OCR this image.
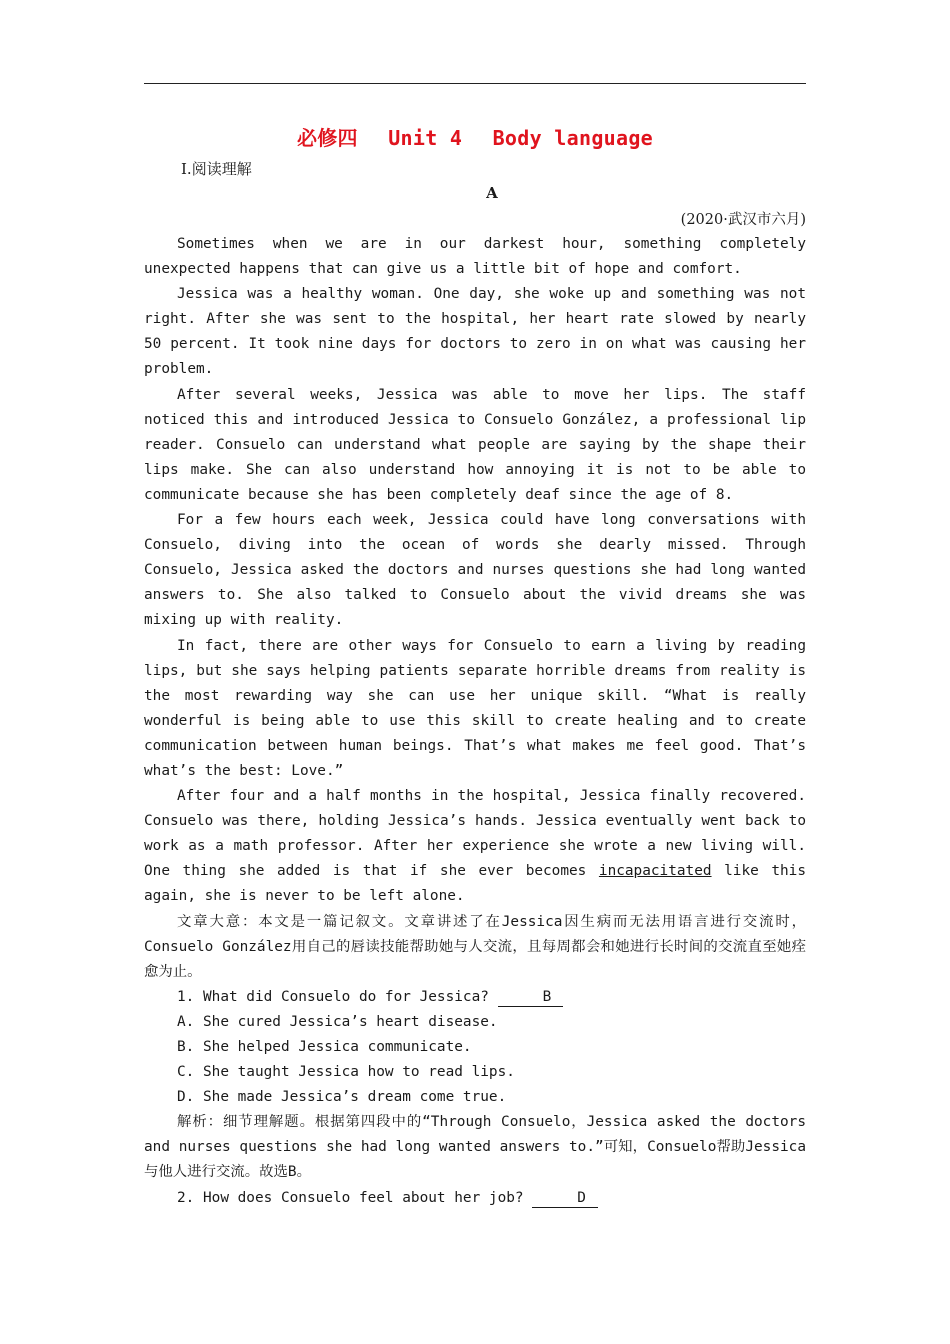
必修四 Unit 4 Body language
Ⅰ.阅读理解
A
(2020·武汉市六月)

Sometimes when we are in our darkest hour, something completely unexpected happens that can give us a little bit of hope and comfort.

Jessica was a healthy woman. One day, she woke up and something was not right. After she was sent to the hospital, her heart rate slowed by nearly 50 percent. It took nine days for doctors to zero in on what was causing her problem.

After several weeks, Jessica was able to move her lips. The staff noticed this and introduced Jessica to Consuelo González, a professional lip reader. Consuelo can understand what people are saying by the shape their lips make. She can also understand how annoying it is not to be able to communicate because she has been completely deaf since the age of 8.

For a few hours each week, Jessica could have long conversations with Consuelo, diving into the ocean of words she dearly missed. Through Consuelo, Jessica asked the doctors and nurses questions she had long wanted answers to. She also talked to Consuelo about the vivid dreams she was mixing up with reality.

In fact, there are other ways for Consuelo to earn a living by reading lips, but she says helping patients separate horrible dreams from reality is the most rewarding way she can use her unique skill. “What is really wonderful is being able to use this skill to create healing and to create communication between human beings. That’s what makes me feel good. That’s what’s the best: Love.”

After four and a half months in the hospital, Jessica finally recovered. Consuelo was there, holding Jessica’s hands. Jessica eventually went back to work as a math professor. After her experience she wrote a new living will. One thing she added is that if she ever becomes incapacitated like this again, she is never to be left alone.

文章大意：本文是一篇记叙文。文章讲述了在Jessica因生病而无法用语言进行交流时，Consuelo González用自己的唇读技能帮助她与人交流，且每周都会和她进行长时间的交流直至她痊愈为止。

1. What did Consuelo do for Jessica?	B

A. She cured Jessica’s heart disease.

B. She helped Jessica communicate.

C. She taught Jessica how to read lips.

D. She made Jessica’s dream come true.

解析：细节理解题。根据第四段中的“Through Consuelo，Jessica asked the doctors and nurses questions she had long wanted answers to.”可知，Consuelo帮助Jessica与他人进行交流。故选B。

2. How does Consuelo feel about her job?	D
